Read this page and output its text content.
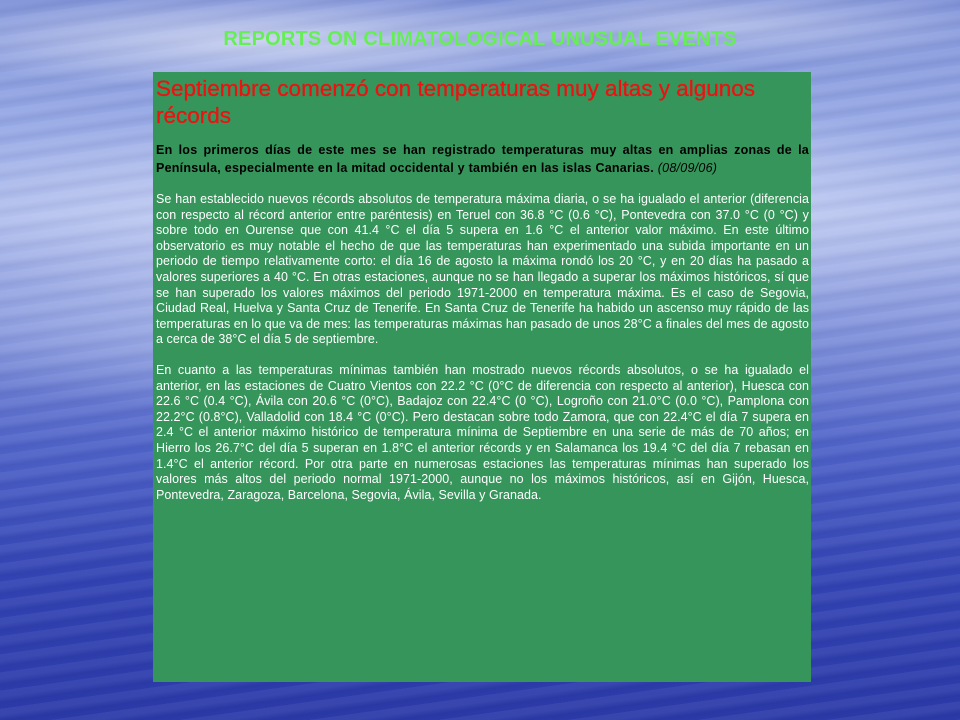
REPORTS ON CLIMATOLOGICAL UNUSUAL EVENTS
Septiembre comenzó con temperaturas muy altas y algunos récords

En los primeros días de este mes se han registrado temperaturas muy altas en amplias zonas de la Península, especialmente en la mitad occidental y también en las islas Canarias. (08/09/06)

Se han establecido nuevos récords absolutos de temperatura máxima diaria, o se ha igualado el anterior (diferencia con respecto al récord anterior entre paréntesis) en Teruel con 36.8 °C (0.6 °C), Pontevedra con 37.0 °C (0 °C) y sobre todo en Ourense que con 41.4 °C el día 5 supera en 1.6 °C el anterior valor máximo. En este último observatorio es muy notable el hecho de que las temperaturas han experimentado una subida importante en un periodo de tiempo relativamente corto: el día 16 de agosto la máxima rondó los 20 °C, y en 20 días ha pasado a valores superiores a 40 °C. En otras estaciones, aunque no se han llegado a superar los máximos históricos, sí que se han superado los valores máximos del periodo 1971-2000 en temperatura máxima. Es el caso de Segovia, Ciudad Real, Huelva y Santa Cruz de Tenerife. En Santa Cruz de Tenerife ha habido un ascenso muy rápido de las temperaturas en lo que va de mes: las temperaturas máximas han pasado de unos 28°C a finales del mes de agosto a cerca de 38°C el día 5 de septiembre.

En cuanto a las temperaturas mínimas también han mostrado nuevos récords absolutos, o se ha igualado el anterior, en las estaciones de Cuatro Vientos con 22.2 °C (0°C de diferencia con respecto al anterior), Huesca con 22.6 °C (0.4 °C), Ávila con 20.6 °C (0°C), Badajoz con 22.4°C (0 °C), Logroño con 21.0°C (0.0 °C), Pamplona con 22.2°C (0.8°C), Valladolid con 18.4 °C (0°C). Pero destacan sobre todo Zamora, que con 22.4°C el día 7 supera en 2.4 °C el anterior máximo histórico de temperatura mínima de Septiembre en una serie de más de 70 años; en Hierro los 26.7°C del día 5 superan en 1.8°C el anterior récords y en Salamanca los 19.4 °C del día 7 rebasan en 1.4°C el anterior récord. Por otra parte en numerosas estaciones las temperaturas mínimas han superado los valores más altos del periodo normal 1971-2000, aunque no los máximos históricos, así en Gijón, Huesca, Pontevedra, Zaragoza, Barcelona, Segovia, Ávila, Sevilla y Granada.
